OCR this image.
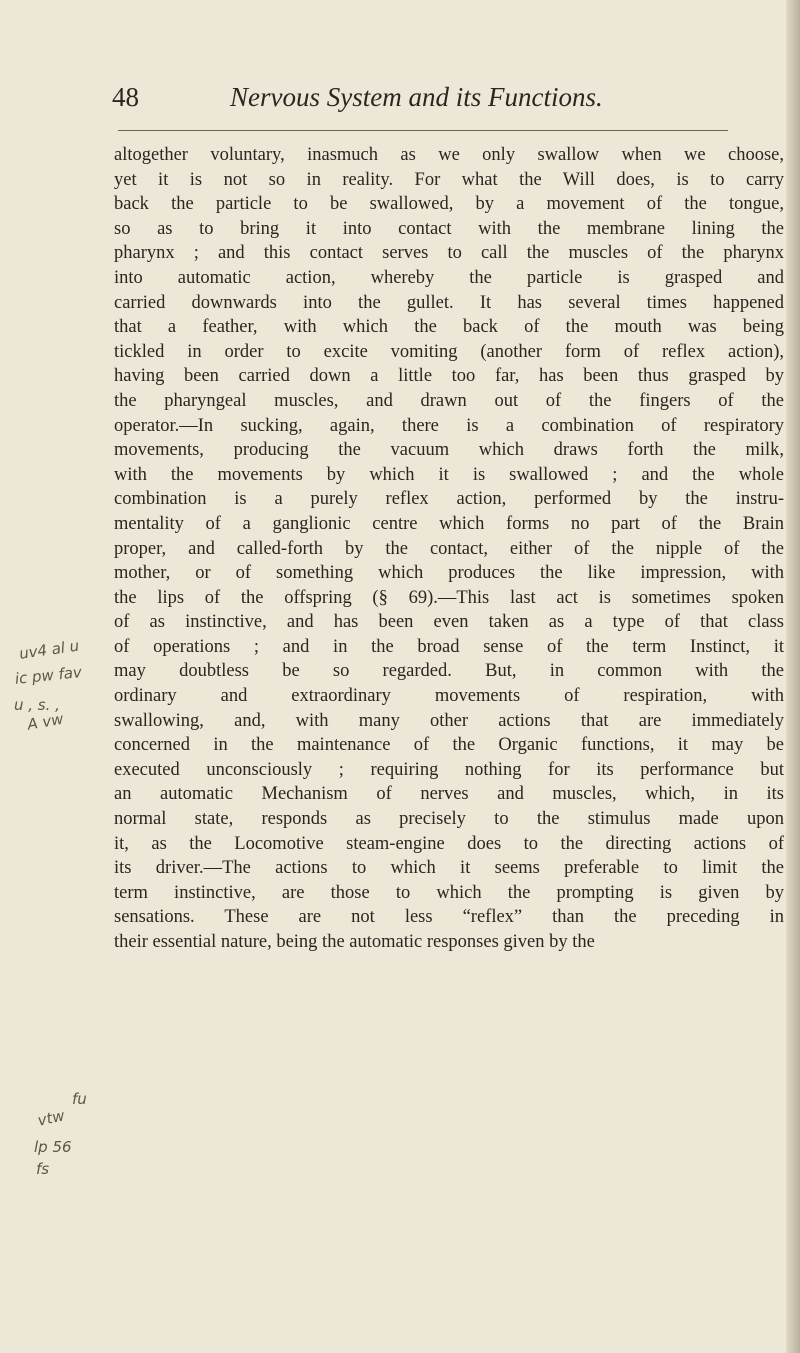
48	Nervous System and its Functions.
altogether voluntary, inasmuch as we only swallow when we choose,
yet it is not so in reality. For what the Will does, is to carry
back the particle to be swallowed, by a movement of the tongue,
so as to bring it into contact with the membrane lining the
pharynx ; and this contact serves to call the muscles of the pharynx
into automatic action, whereby the particle is grasped and
carried downwards into the gullet. It has several times happened
that a feather, with which the back of the mouth was being
tickled in order to excite vomiting (another form of reflex action),
having been carried down a little too far, has been thus grasped by
the pharyngeal muscles, and drawn out of the fingers of the
operator.—In sucking, again, there is a combination of respiratory
movements, producing the vacuum which draws forth the milk,
with the movements by which it is swallowed ; and the whole
combination is a purely reflex action, performed by the instru-
mentality of a ganglionic centre which forms no part of the Brain
proper, and called-forth by the contact, either of the nipple of the
mother, or of something which produces the like impression, with
the lips of the offspring (§ 69).—This last act is sometimes spoken
of as instinctive, and has been even taken as a type of that class
of operations ; and in the broad sense of the term Instinct, it
may doubtless be so regarded. But, in common with the
ordinary and extraordinary movements of respiration, with
swallowing, and, with many other actions that are immediately
concerned in the maintenance of the Organic functions, it may be
executed unconsciously ; requiring nothing for its performance but
an automatic Mechanism of nerves and muscles, which, in its
normal state, responds as precisely to the stimulus made upon
it, as the Locomotive steam-engine does to the directing actions of
its driver.—The actions to which it seems preferable to limit the
term instinctive, are those to which the prompting is given by
sensations. These are not less “reflex” than the preceding in
their essential nature, being the automatic responses given by the
uv4 al u
ic pw fav
u , s. ,
A vw
fu
vtw
lp 56
fs
